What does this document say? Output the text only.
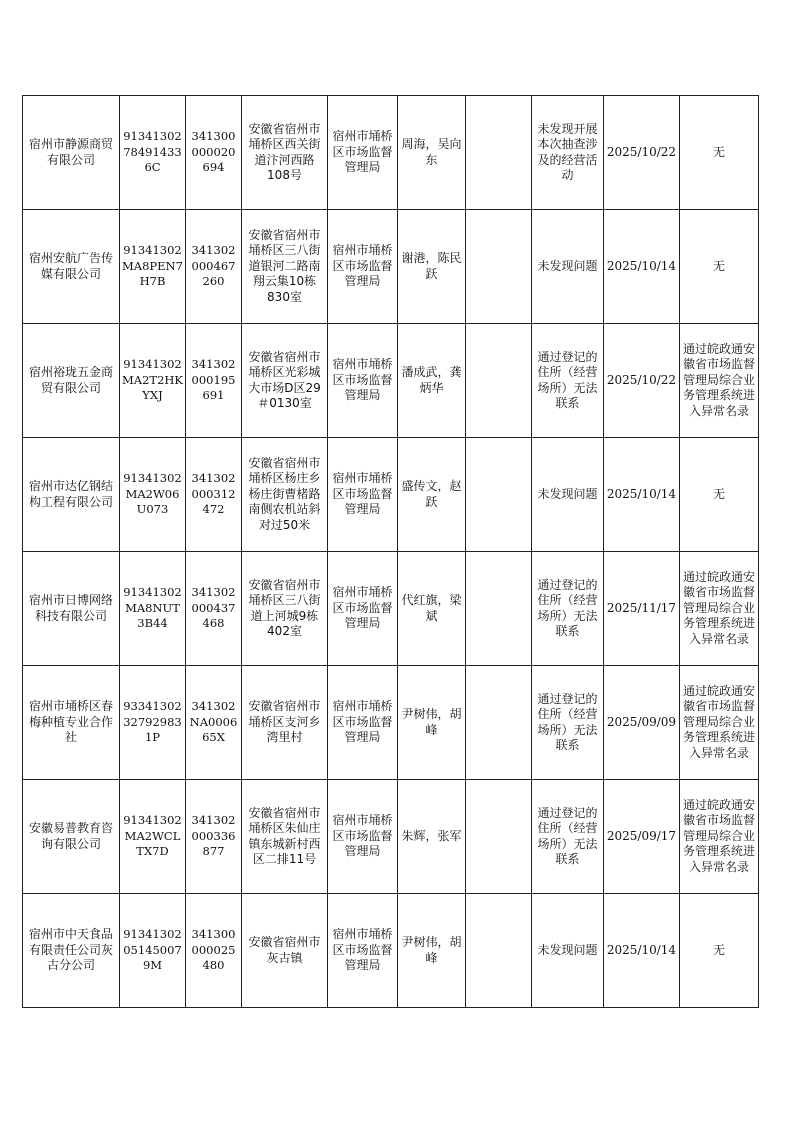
宿州市静源商贸有限公司	91341302784914336C	341300000020694	安徽省宿州市埇桥区西关街道汴河西路108号	宿州市埇桥区市场监督管理局	周海，吴向东		未发现开展本次抽查涉及的经营活动	2025/10/22	无
宿州安航广告传媒有限公司	91341302MA8PEN7H7B	341302000467260	安徽省宿州市埇桥区三八街道银河二路南翔云集10栋830室	宿州市埇桥区市场监督管理局	谢港，陈民跃		未发现问题	2025/10/14	无
宿州裕珑五金商贸有限公司	91341302MA2T2HKYXJ	341302000195691	安徽省宿州市埇桥区光彩城大市场D区29＃0130室	宿州市埇桥区市场监督管理局	潘成武，龚炳华		通过登记的住所（经营场所）无法联系	2025/10/22	通过皖政通安徽省市场监督管理局综合业务管理系统进入异常名录
宿州市达亿钢结构工程有限公司	91341302MA2W06U073	341302000312472	安徽省宿州市埇桥区杨庄乡杨庄街曹楮路南侧农机站斜对过50米	宿州市埇桥区市场监督管理局	盛传文，赵跃		未发现问题	2025/10/14	无
宿州市日博网络科技有限公司	91341302MA8NUT3B44	341302000437468	安徽省宿州市埇桥区三八街道上河城9栋402室	宿州市埇桥区市场监督管理局	代红旗，梁斌		通过登记的住所（经营场所）无法联系	2025/11/17	通过皖政通安徽省市场监督管理局综合业务管理系统进入异常名录
宿州市埇桥区春梅种植专业合作社	93341302327929831P	341302NA000665X	安徽省宿州市埇桥区支河乡湾里村	宿州市埇桥区市场监督管理局	尹树伟，胡峰		通过登记的住所（经营场所）无法联系	2025/09/09	通过皖政通安徽省市场监督管理局综合业务管理系统进入异常名录
安徽易普教育咨询有限公司	91341302MA2WCLTX7D	341302000336877	安徽省宿州市埇桥区朱仙庄镇东城新村西区二排11号	宿州市埇桥区市场监督管理局	朱辉，张军		通过登记的住所（经营场所）无法联系	2025/09/17	通过皖政通安徽省市场监督管理局综合业务管理系统进入异常名录
宿州市中天食品有限责任公司灰古分公司	91341302051450079M	341300000025480	安徽省宿州市灰古镇	宿州市埇桥区市场监督管理局	尹树伟，胡峰		未发现问题	2025/10/14	无
